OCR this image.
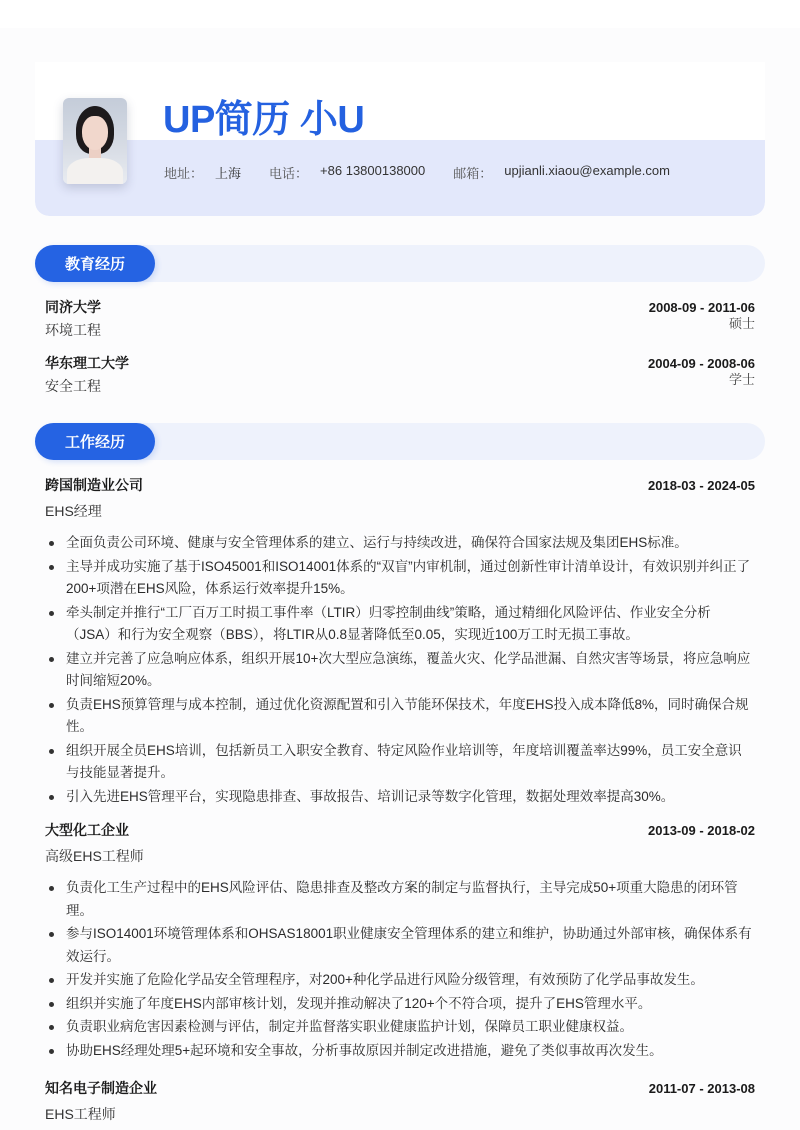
UP简历 小U
地址： 上海 电话： +86 13800138000 邮箱： upjianli.xiaou@example.com
教育经历
同济大学	2008-09 - 2011-06
环境工程	硕士
华东理工大学	2004-09 - 2008-06
安全工程	学士
工作经历
跨国制造业公司	2018-03 - 2024-05
EHS经理
全面负责公司环境、健康与安全管理体系的建立、运行与持续改进，确保符合国家法规及集团EHS标准。
主导并成功实施了基于ISO45001和ISO14001体系的“双盲”内审机制，通过创新性审计清单设计，有效识别并纠正了200+项潜在EHS风险，体系运行效率提升15%。
牵头制定并推行“工厂百万工时损工事件率（LTIR）归零控制曲线”策略，通过精细化风险评估、作业安全分析（JSA）和行为安全观察（BBS），将LTIR从0.8显著降低至0.05，实现近100万工时无损工事故。
建立并完善了应急响应体系，组织开展10+次大型应急演练，覆盖火灾、化学品泄漏、自然灾害等场景，将应急响应时间缩短20%。
负责EHS预算管理与成本控制，通过优化资源配置和引入节能环保技术，年度EHS投入成本降低8%，同时确保合规性。
组织开展全员EHS培训，包括新员工入职安全教育、特定风险作业培训等，年度培训覆盖率达99%，员工安全意识与技能显著提升。
引入先进EHS管理平台，实现隐患排查、事故报告、培训记录等数字化管理，数据处理效率提高30%。
大型化工企业	2013-09 - 2018-02
高级EHS工程师
负责化工生产过程中的EHS风险评估、隐患排查及整改方案的制定与监督执行，主导完成50+项重大隐患的闭环管理。
参与ISO14001环境管理体系和OHSAS18001职业健康安全管理体系的建立和维护，协助通过外部审核，确保体系有效运行。
开发并实施了危险化学品安全管理程序，对200+种化学品进行风险分级管理，有效预防了化学品事故发生。
组织并实施了年度EHS内部审核计划，发现并推动解决了120+个不符合项，提升了EHS管理水平。
负责职业病危害因素检测与评估，制定并监督落实职业健康监护计划，保障员工职业健康权益。
协助EHS经理处理5+起环境和安全事故，分析事故原因并制定改进措施，避免了类似事故再次发生。
知名电子制造企业	2011-07 - 2013-08
EHS工程师
